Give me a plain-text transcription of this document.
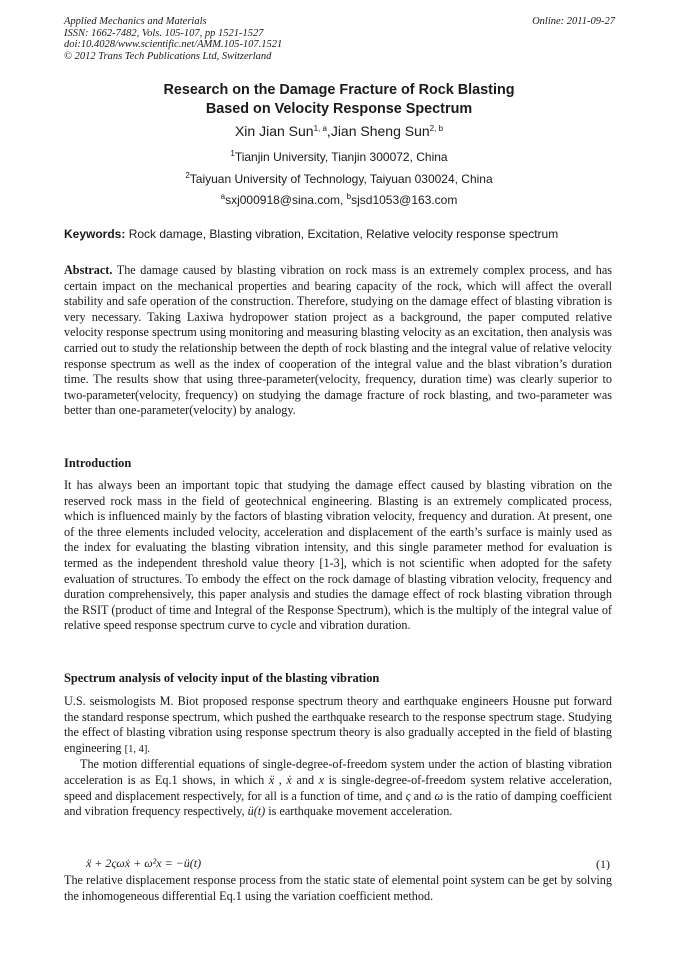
Applied Mechanics and Materials
ISSN: 1662-7482, Vols. 105-107, pp 1521-1527
doi:10.4028/www.scientific.net/AMM.105-107.1521
© 2012 Trans Tech Publications Ltd, Switzerland
Online: 2011-09-27
Research on the Damage Fracture of Rock Blasting
Based on Velocity Response Spectrum
Xin Jian Sun$^{1, a}$,Jian Sheng Sun$^{2, b}$
$^1$Tianjin University, Tianjin 300072, China
$^2$Taiyuan University of Technology, Taiyuan 030024, China
$^a$sxj000918@sina.com, $^b$sjsd1053@163.com
Keywords: Rock damage, Blasting vibration, Excitation, Relative velocity response spectrum
Abstract. The damage caused by blasting vibration on rock mass is an extremely complex process, and has certain impact on the mechanical properties and bearing capacity of the rock, which will affect the overall stability and safe operation of the construction. Therefore, studying on the damage effect of blasting vibration is very necessary. Taking Laxiwa hydropower station project as a background, the paper computed relative velocity response spectrum using monitoring and measuring blasting velocity as an excitation, then analysis was carried out to study the relationship between the depth of rock blasting and the integral value of relative velocity response spectrum as well as the index of cooperation of the integral value and the blast vibration’s duration time. The results show that using three-parameter(velocity, frequency, duration time) was clearly superior to two-parameter(velocity, frequency) on studying the damage fracture of rock blasting, and two-parameter was better than one-parameter(velocity) by analogy.
Introduction
It has always been an important topic that studying the damage effect caused by blasting vibration on the reserved rock mass in the field of geotechnical engineering. Blasting is an extremely complicated process, which is influenced mainly by the factors of blasting vibration velocity, frequency and duration. At present, one of the three elements included velocity, acceleration and displacement of the earth’s surface is mainly used as the index for evaluating the blasting vibration intensity, and this single parameter method for evaluation is termed as the independent threshold value theory [1-3], which is not scientific when adopted for the safety evaluation of structures. To embody the effect on the rock damage of blasting vibration velocity, frequency and duration comprehensively, this paper analysis and studies the damage effect of rock blasting vibration through the RSIT (product of time and Integral of the Response Spectrum), which is the multiply of the integral value of relative speed response spectrum curve to cycle and vibration duration.
Spectrum analysis of velocity input of the blasting vibration
U.S. seismologists M. Biot proposed response spectrum theory and earthquake engineers Housne put forward the standard response spectrum, which pushed the earthquake research to the response spectrum stage. Studying the effect of blasting vibration using response spectrum theory is also gradually accepted in the field of blasting engineering [1, 4].
The motion differential equations of single-degree-of-freedom system under the action of blasting vibration acceleration is as Eq.1 shows, in which ẍ , ẋ and x is single-degree-of-freedom system relative acceleration, speed and displacement respectively, for all is a function of time, and ς and ω is the ratio of damping coefficient and vibration frequency respectively, ü(t) is earthquake movement acceleration.
ẍ + 2ςωẋ + ω²x = −ü(t)	(1)
The relative displacement response process from the static state of elemental point system can be get by solving the inhomogeneous differential Eq.1 using the variation coefficient method.
